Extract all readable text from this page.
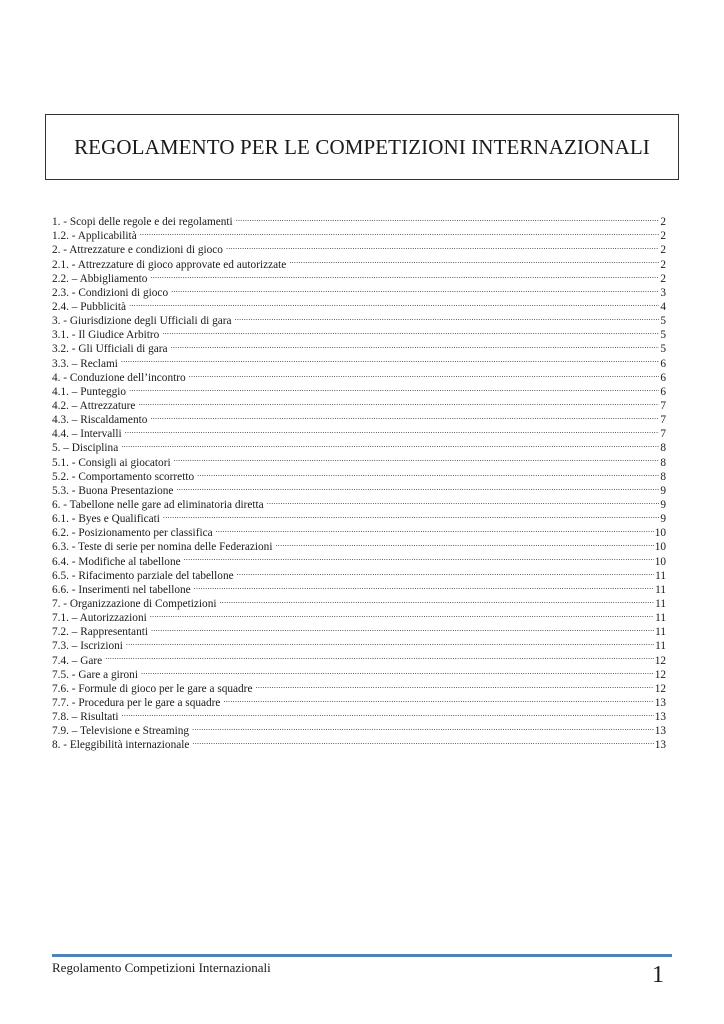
REGOLAMENTO PER LE COMPETIZIONI INTERNAZIONALI
1. - Scopi delle regole e dei regolamenti .....	2
1.2. - Applicabilità .....	2
2. - Attrezzature e condizioni di gioco .....	2
2.1. - Attrezzature di gioco approvate ed autorizzate .....	2
2.2. – Abbigliamento .....	2
2.3. - Condizioni di gioco .....	3
2.4. – Pubblicità .....	4
3. - Giurisdizione degli Ufficiali di gara .....	5
3.1. - Il Giudice Arbitro .....	5
3.2. - Gli Ufficiali di gara .....	5
3.3. – Reclami .....	6
4. - Conduzione dell’incontro .....	6
4.1. – Punteggio .....	6
4.2. – Attrezzature .....	7
4.3. – Riscaldamento .....	7
4.4. – Intervalli .....	7
5. – Disciplina .....	8
5.1. - Consigli ai giocatori .....	8
5.2. - Comportamento scorretto .....	8
5.3. - Buona Presentazione .....	9
6. - Tabellone nelle gare ad eliminatoria diretta .....	9
6.1. - Byes e Qualificati .....	9
6.2. - Posizionamento per classifica .....	10
6.3. - Teste di serie per nomina delle Federazioni .....	10
6.4. - Modifiche al tabellone .....	10
6.5. - Rifacimento parziale del tabellone .....	11
6.6. - Inserimenti nel tabellone .....	11
7. - Organizzazione di Competizioni .....	11
7.1. – Autorizzazioni .....	11
7.2. – Rappresentanti .....	11
7.3. – Iscrizioni .....	11
7.4. – Gare .....	12
7.5. - Gare a gironi .....	12
7.6. - Formule di gioco per le gare a squadre .....	12
7.7. - Procedura per le gare a squadre .....	13
7.8. – Risultati .....	13
7.9. – Televisione e Streaming .....	13
8. - Eleggibilità internazionale .....	13
Regolamento Competizioni Internazionali	1
